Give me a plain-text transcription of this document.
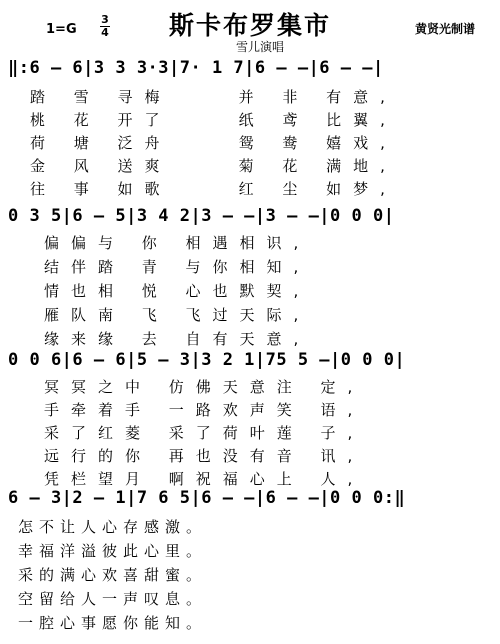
斯卡布罗集市
1=G
3
4	黄贤光制谱
雪儿演唱
‖:6 — 6|3 3 3·3|7· 1 7|6 — —|6 — —|
踏 雪 寻梅    并 非 有意,
桃 花 开了    纸 鸢 比翼,
荷 塘 泛舟    鸳 鸯 嬉戏,
金 风 送爽    菊 花 满地,
往 事 如歌    红 尘 如梦,
0 3 5|6 — 5|3 4 2|3 — —|3 — —|0 0 0|
偏偏与 你 相遇相识,
结伴踏 青 与你相知,
情也相 悦 心也默契,
雁队南 飞 飞过天际,
缘来缘 去 自有天意,
0 0 6|6 — 6|5 — 3|3 2 1|75 5 —|0 0 0|
冥冥之中 仿佛天意注 定,
手牵着手 一路欢声笑 语,
采了红菱 采了荷叶莲 子,
远行的你 再也没有音 讯,
凭栏望月 啊祝福心上 人,
6 — 3|2 — 1|7 6 5|6 — —|6 — —|0 0 0:‖
怎不让人心存感激。
幸福洋溢彼此心里。
采的满心欢喜甜蜜。
空留给人一声叹息。
一腔心事愿你能知。
